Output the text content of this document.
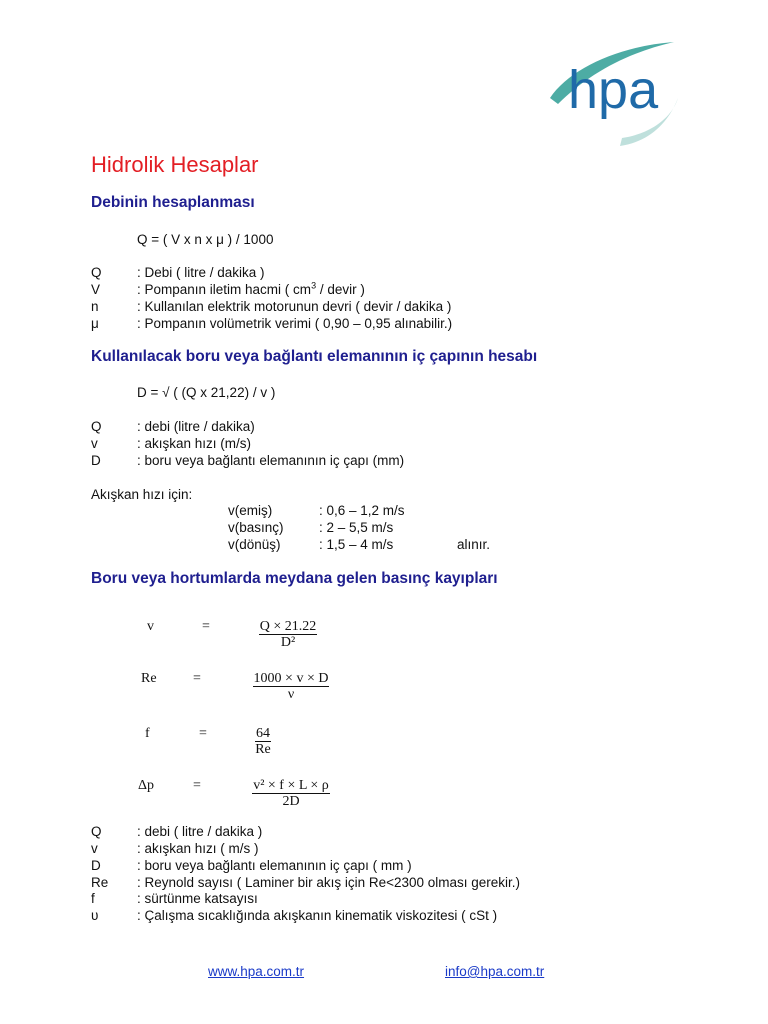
hpa
Hidrolik Hesaplar
Debinin hesaplanması
Q = ( V x n x μ ) / 1000
Q	: Debi ( litre / dakika )
V	: Pompanın iletim hacmi ( $cm^3$ / devir )
n	: Kullanılan elektrik motorunun devri ( devir / dakika )
μ	: Pompanın volümetrik verimi ( 0,90 – 0,95 alınabilir.)
Kullanılacak boru veya bağlantı elemanının iç çapının hesabı
D = √ ( (Q x 21,22) / v )
Q	: debi (litre / dakika)
v	: akışkan hızı (m/s)
D	: boru veya bağlantı elemanının iç çapı (mm)
Akışkan hızı için:
v(emiş)	: 0,6 – 1,2 m/s
v(basınç)	: 2 – 5,5 m/s
v(dönüş)	: 1,5 – 4 m/s	alınır.
Boru veya hortumlarda meydana gelen basınç kayıpları
v	=	Q × 21.22
D²
Re	=	1000 × v × D
ν
f	=	64
Re
Δp	=	v² × f × L × ρ
2D
Q	: debi ( litre / dakika )
v	: akışkan hızı ( m/s )
D	: boru veya bağlantı elemanının iç çapı ( mm )
Re : Reynold sayısı ( Laminer bir akış için Re<2300 olması gerekir.)
f	: sürtünme katsayısı
υ	: Çalışma sıcaklığında akışkanın kinematik viskozitesi ( cSt )
www.hpa.com.tr	info@hpa.com.tr
